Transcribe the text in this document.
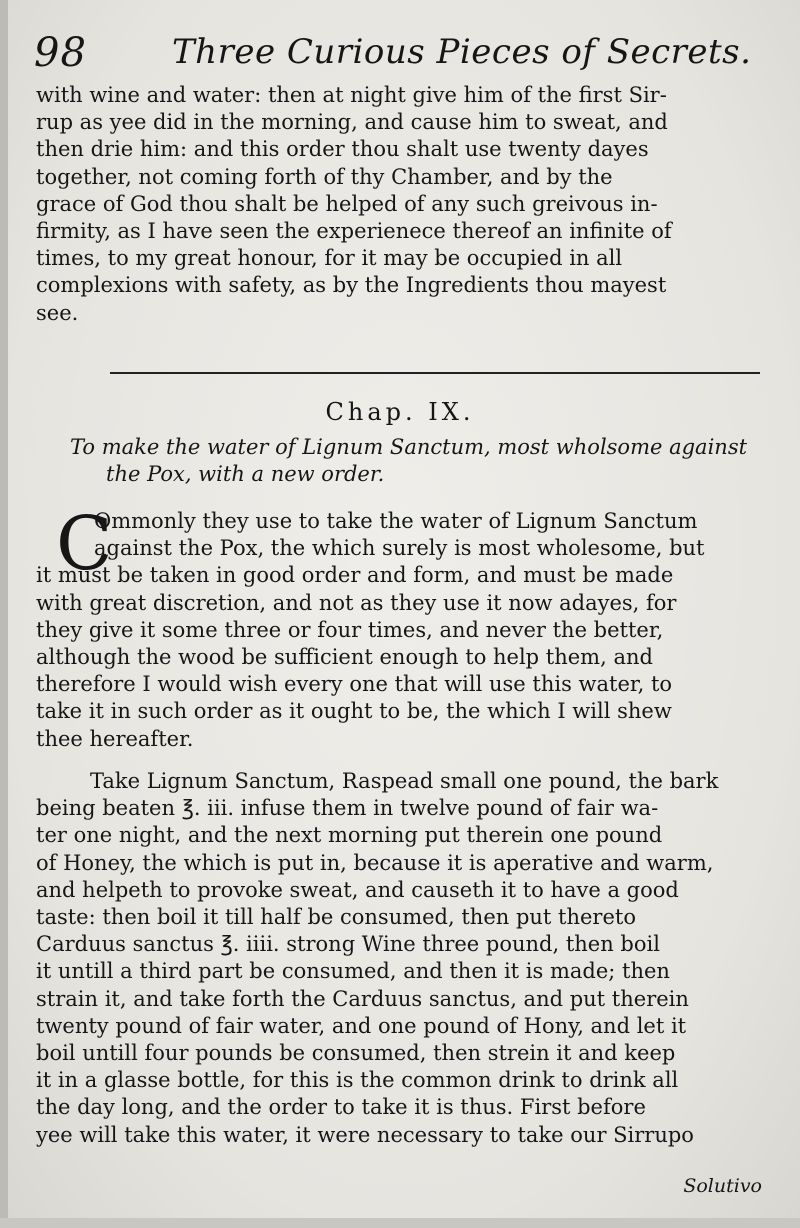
98	Three Curious Pieces of Secrets.
with wine and water: then at night give him of the first Sir-
rup as yee did in the morning, and cause him to sweat, and
then drie him: and this order thou shalt use twenty dayes
together, not coming forth of thy Chamber, and by the
grace of God thou shalt be helped of any such greivous in-
firmity, as I have seen the experienece thereof an infinite of
times, to my great honour, for it may be occupied in all
complexions with safety, as by the Ingredients thou mayest
see.
Chap. IX.
To make the water of Lignum Sanctum, most wholsome against
the Pox, with a new order.
C
Ommonly they use to take the water of Lignum Sanctum
against the Pox, the which surely is most wholesome, but
it must be taken in good order and form, and must be made
with great discretion, and not as they use it now adayes, for
they give it some three or four times, and never the better,
although the wood be sufficient enough to help them, and
therefore I would wish every one that will use this water, to
take it in such order as it ought to be, the which I will shew
thee hereafter.
Take Lignum Sanctum, Raspead small one pound, the bark
being beaten ℥. iii. infuse them in twelve pound of fair wa-
ter one night, and the next morning put therein one pound
of Honey, the which is put in, because it is aperative and warm,
and helpeth to provoke sweat, and causeth it to have a good
taste: then boil it till half be consumed, then put thereto
Carduus sanctus ℥. iiii. strong Wine three pound, then boil
it untill a third part be consumed, and then it is made; then
strain it, and take forth the Carduus sanctus, and put therein
twenty pound of fair water, and one pound of Hony, and let it
boil untill four pounds be consumed, then strein it and keep
it in a glasse bottle, for this is the common drink to drink all
the day long, and the order to take it is thus. First before
yee will take this water, it were necessary to take our Sirrupo
Solutivo
